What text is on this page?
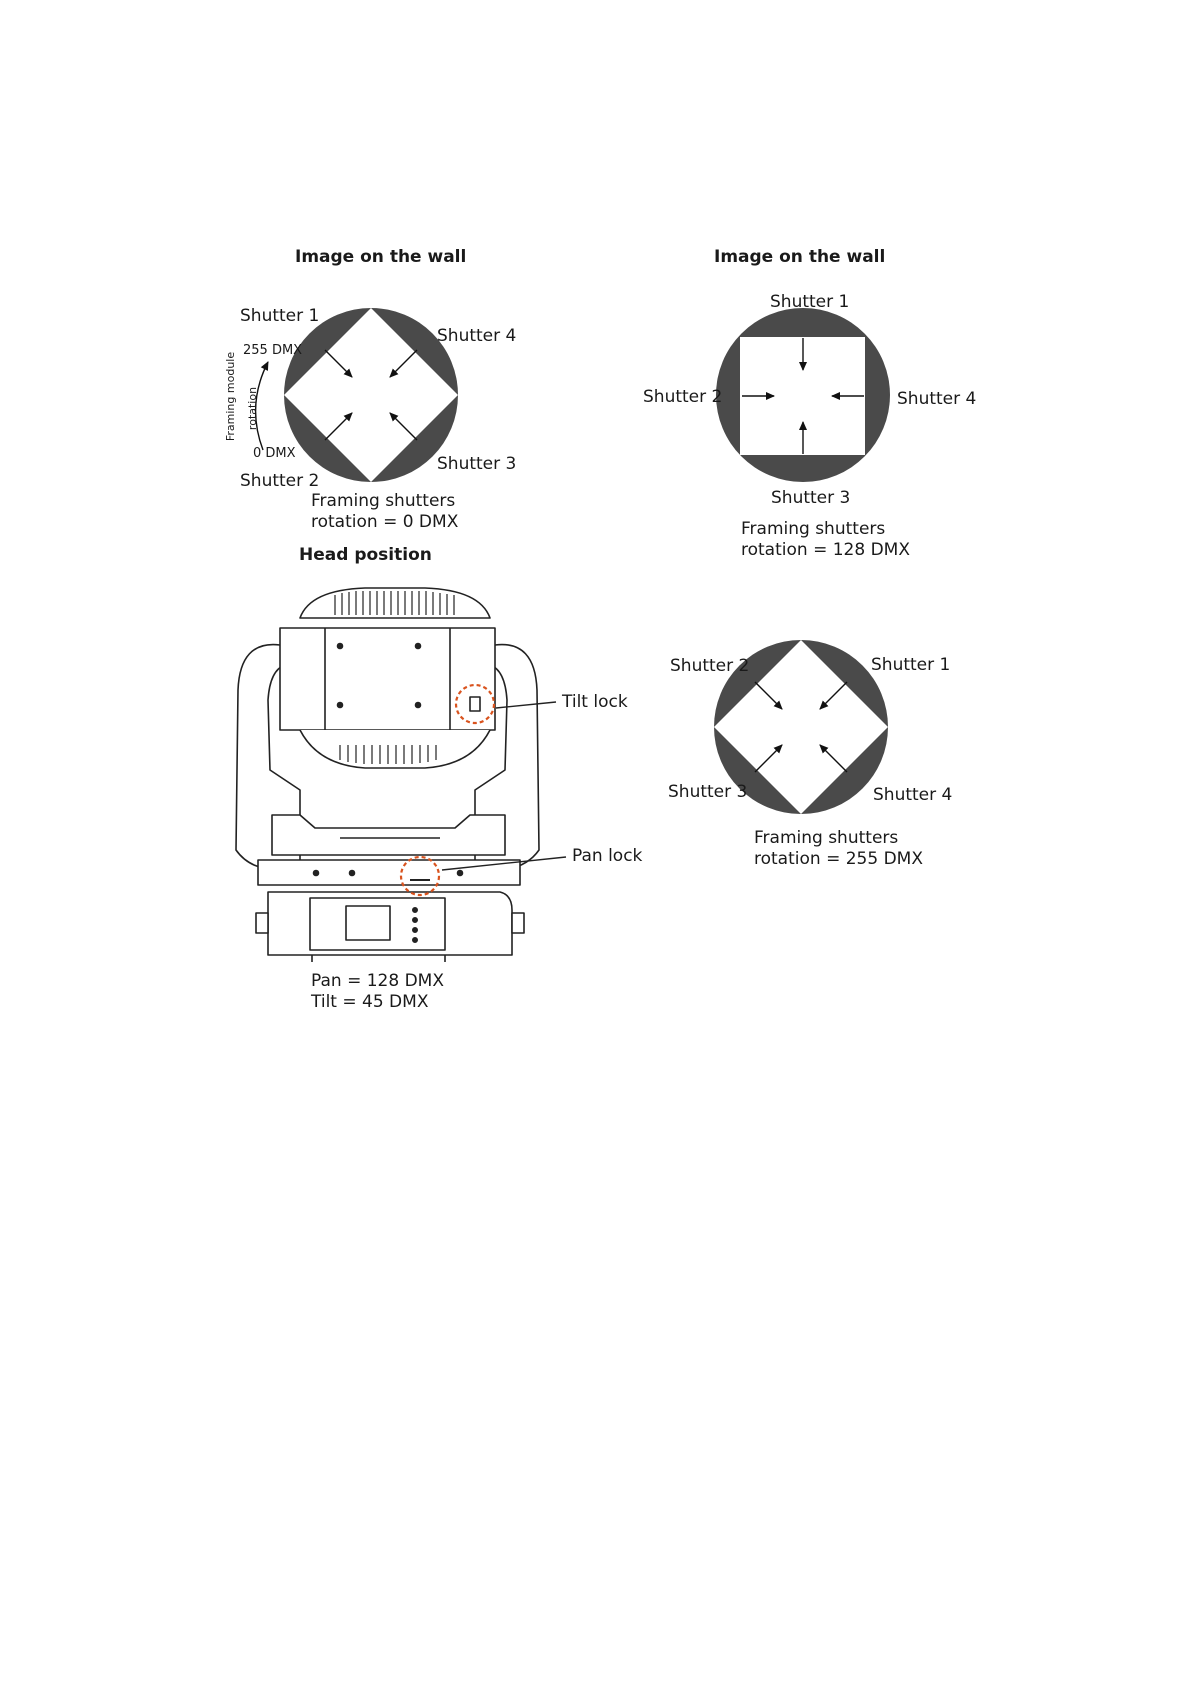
Image on the wall
Shutter 1
Shutter 4
Shutter 2
Shutter 3
255 DMX
0 DMX
Framing module rotation
Framing shutters
rotation = 0 DMX
Image on the wall
Shutter 1
Shutter 2	Shutter 4
Shutter 3
Framing shutters
rotation = 128 DMX
Head position
Tilt lock
Pan lock
Pan = 128 DMX
Tilt = 45 DMX
Shutter 2	Shutter 1
Shutter 3	Shutter 4
Framing shutters
rotation = 255 DMX
